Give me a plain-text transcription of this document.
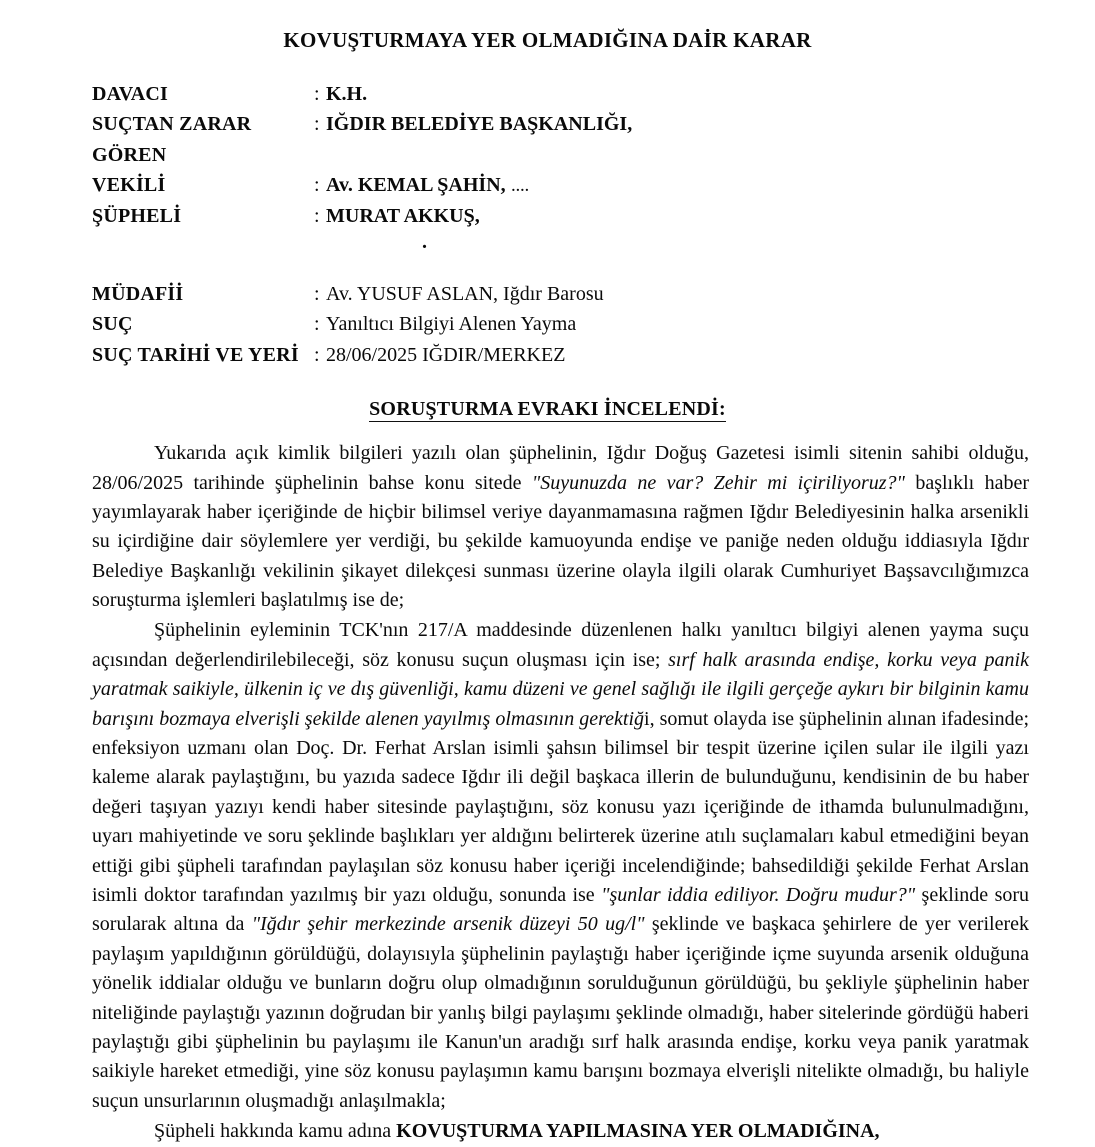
KOVUŞTURMAYA YER OLMADIĞINA DAİR KARAR
DAVACI	: K.H.
SUÇTAN ZARAR GÖREN
: IĞDIR BELEDİYE BAŞKANLIĞI,
VEKİLİ	: Av. KEMAL ŞAHİN, ....
ŞÜPHELİ	: MURAT AKKUŞ,
.
MÜDAFİİ	: Av. YUSUF ASLAN, Iğdır Barosu
SUÇ	: Yanıltıcı Bilgiyi Alenen Yayma
SUÇ TARİHİ VE YERİ : 28/06/2025 IĞDIR/MERKEZ
SORUŞTURMA EVRAKI İNCELENDİ:

Yukarıda açık kimlik bilgileri yazılı olan şüphelinin, Iğdır Doğuş Gazetesi isimli sitenin sahibi olduğu, 28/06/2025 tarihinde şüphelinin bahse konu sitede "Suyunuzda ne var? Zehir mi içiriliyoruz?" başlıklı haber yayımlayarak haber içeriğinde de hiçbir bilimsel veriye dayanmamasına rağmen Iğdır Belediyesinin halka arsenikli su içirdiğine dair söylemlere yer verdiği, bu şekilde kamuoyunda endişe ve paniğe neden olduğu iddiasıyla Iğdır Belediye Başkanlığı vekilinin şikayet dilekçesi sunması üzerine olayla ilgili olarak Cumhuriyet Başsavcılığımızca soruşturma işlemleri başlatılmış ise de;

Şüphelinin eyleminin TCK'nın 217/A maddesinde düzenlenen halkı yanıltıcı bilgiyi alenen yayma suçu açısından değerlendirilebileceği, söz konusu suçun oluşması için ise; sırf halk arasında endişe, korku veya panik yaratmak saikiyle, ülkenin iç ve dış güvenliği, kamu düzeni ve genel sağlığı ile ilgili gerçeğe aykırı bir bilginin kamu barışını bozmaya elverişli şekilde alenen yayılmış olmasının gerektiği, somut olayda ise şüphelinin alınan ifadesinde; enfeksiyon uzmanı olan Doç. Dr. Ferhat Arslan isimli şahsın bilimsel bir tespit üzerine içilen sular ile ilgili yazı kaleme alarak paylaştığını, bu yazıda sadece Iğdır ili değil başkaca illerin de bulunduğunu, kendisinin de bu haber değeri taşıyan yazıyı kendi haber sitesinde paylaştığını, söz konusu yazı içeriğinde de ithamda bulunulmadığını, uyarı mahiyetinde ve soru şeklinde başlıkları yer aldığını belirterek üzerine atılı suçlamaları kabul etmediğini beyan ettiği gibi şüpheli tarafından paylaşılan söz konusu haber içeriği incelendiğinde; bahsedildiği şekilde Ferhat Arslan isimli doktor tarafından yazılmış bir yazı olduğu, sonunda ise "şunlar iddia ediliyor. Doğru mudur?" şeklinde soru sorularak altına da "Iğdır şehir merkezinde arsenik düzeyi 50 ug/l" şeklinde ve başkaca şehirlere de yer verilerek paylaşım yapıldığının görüldüğü, dolayısıyla şüphelinin paylaştığı haber içeriğinde içme suyunda arsenik olduğuna yönelik iddialar olduğu ve bunların doğru olup olmadığının sorulduğunun görüldüğü, bu şekliyle şüphelinin haber niteliğinde paylaştığı yazının doğrudan bir yanlış bilgi paylaşımı şeklinde olmadığı, haber sitelerinde gördüğü haberi paylaştığı gibi şüphelinin bu paylaşımı ile Kanun'un aradığı sırf halk arasında endişe, korku veya panik yaratmak saikiyle hareket etmediği, yine söz konusu paylaşımın kamu barışını bozmaya elverişli nitelikte olmadığı, bu haliyle suçun unsurlarının oluşmadığı anlaşılmakla;

Şüpheli hakkında kamu adına KOVUŞTURMA YAPILMASINA YER OLMADIĞINA,
